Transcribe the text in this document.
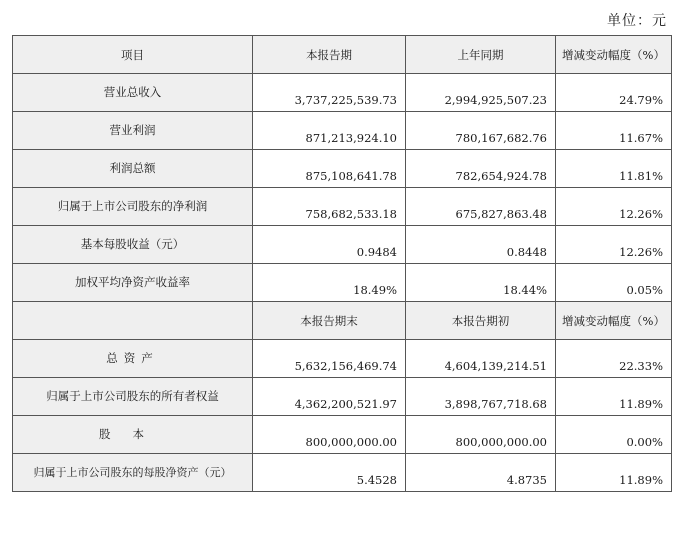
单位：元
项目	本报告期	上年同期	增减变动幅度（%）
营业总收入	3,737,225,539.73	2,994,925,507.23	24.79%
营业利润	871,213,924.10	780,167,682.76	11.67%
利润总额	875,108,641.78	782,654,924.78	11.81%
归属于上市公司股东的净利润	758,682,533.18	675,827,863.48	12.26%
基本每股收益（元）	0.9484	0.8448	12.26%
加权平均净资产收益率	18.49%	18.44%	0.05%
	本报告期末	本报告期初	增减变动幅度（%）
总资产	5,632,156,469.74	4,604,139,214.51	22.33%
归属于上市公司股东的所有者权益	4,362,200,521.97	3,898,767,718.68	11.89%
股本	800,000,000.00	800,000,000.00	0.00%
归属于上市公司股东的每股净资产（元）	5.4528	4.8735	11.89%
